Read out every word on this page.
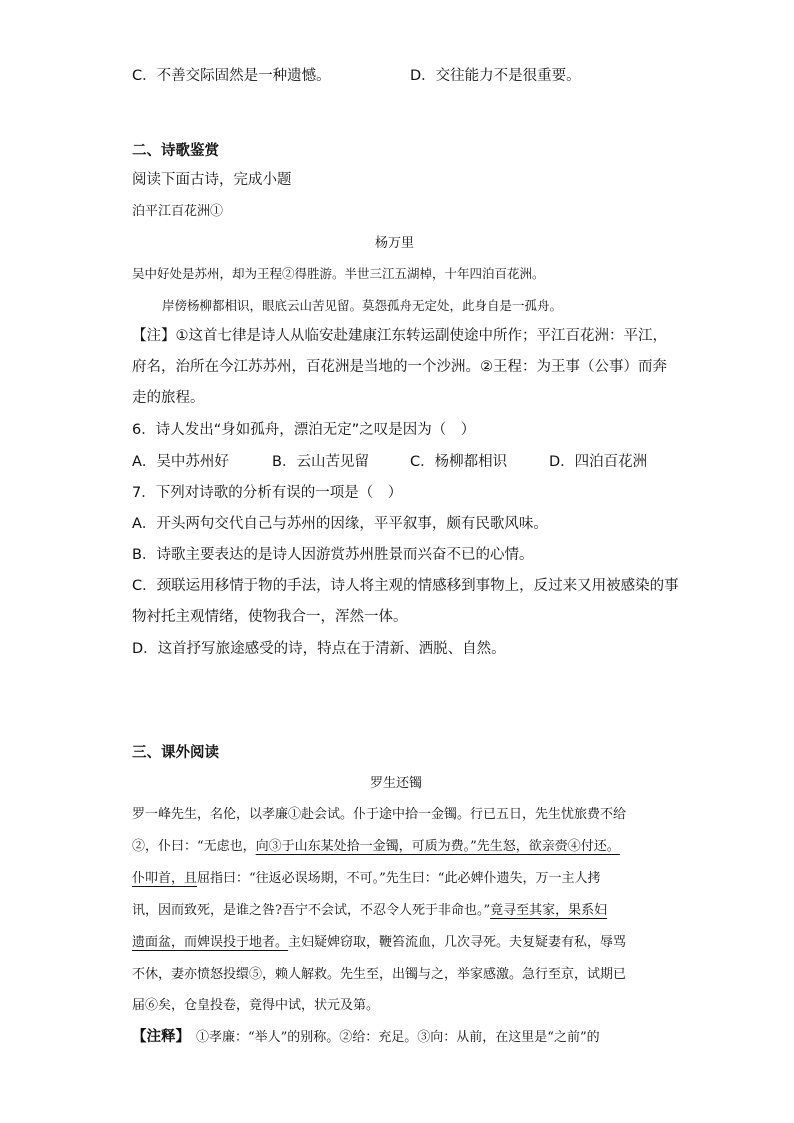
C．不善交际固然是一种遗憾。	D．交往能力不是很重要。
二、诗歌鉴赏
阅读下面古诗，完成小题
泊平江百花洲①
杨万里
吴中好处是苏州，却为王程②得胜游。半世三江五湖棹，十年四泊百花洲。
岸傍杨柳都相识，眼底云山苦见留。莫怨孤舟无定处，此身自是一孤舟。
【注】①这首七律是诗人从临安赴建康江东转运副使途中所作；平江百花洲：平江，
府名，治所在今江苏苏州，百花洲是当地的一个沙洲。②王程：为王事（公事）而奔
走的旅程。
6．诗人发出“身如孤舟，漂泊无定”之叹是因为（　）
A．吴中苏州好	B．云山苦见留	C．杨柳都相识	D．四泊百花洲
7．下列对诗歌的分析有误的一项是（　）
A．开头两句交代自己与苏州的因缘，平平叙事，颇有民歌风味。
B．诗歌主要表达的是诗人因游赏苏州胜景而兴奋不已的心情。
C．颈联运用移情于物的手法，诗人将主观的情感移到事物上，反过来又用被感染的事
物衬托主观情绪，使物我合一，浑然一体。
D．这首抒写旅途感受的诗，特点在于清新、洒脱、自然。
三、课外阅读
罗生还镯
罗一峰先生，名伦，以孝廉①赴会试。仆于途中拾一金镯。行已五日，先生忧旅费不给
②，仆曰：“无虑也，向③于山东某处拾一金镯，可质为费。”先生怒，欲亲赍④付还。
仆叩首，且屈指曰：“往返必误场期，不可。”先生曰：“此必婢仆遗失，万一主人拷
讯，因而致死，是谁之咎?吾宁不会试，不忍令人死于非命也。”竟寻至其家，果系妇
遗面盆，而婢误投于地者。主妇疑婢窃取，鞭笞流血，几次寻死。夫复疑妻有私，辱骂
不休，妻亦愤怒投缳⑤，赖人解救。先生至，出镯与之，举家感激。急行至京，试期已
届⑥矣，仓皇投卷，竟得中试，状元及第。
【注释】 ①孝廉：“举人”的别称。②给：充足。③向：从前，在这里是“之前”的
